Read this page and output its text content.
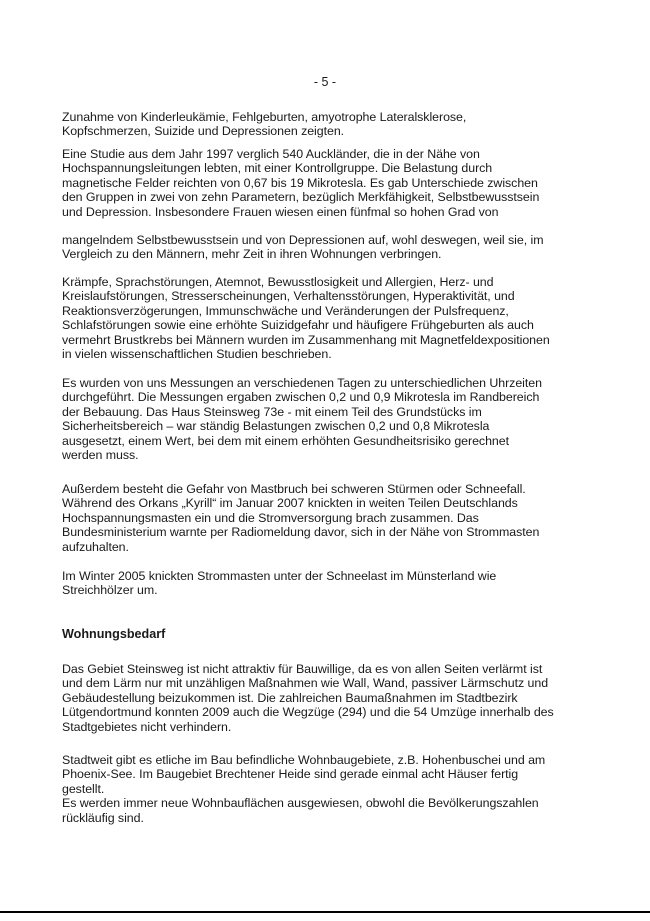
- 5 -

Zunahme von Kinderleukämie, Fehlgeburten, amyotrophe Lateralsklerose,
Kopfschmerzen, Suizide und Depressionen zeigten.

Eine Studie aus dem Jahr 1997 verglich 540 Auckländer, die in der Nähe von
Hochspannungsleitungen lebten, mit einer Kontrollgruppe. Die Belastung durch
magnetische Felder reichten von 0,67 bis 19 Mikrotesla. Es gab Unterschiede zwischen
den Gruppen in zwei von zehn Parametern, bezüglich Merkfähigkeit, Selbstbewusstsein
und Depression. Insbesondere Frauen wiesen einen fünfmal so hohen Grad von

mangelndem Selbstbewusstsein und von Depressionen auf, wohl deswegen, weil sie, im
Vergleich zu den Männern, mehr Zeit in ihren Wohnungen verbringen.

Krämpfe, Sprachstörungen, Atemnot, Bewusstlosigkeit und Allergien, Herz- und
Kreislaufstörungen, Stresserscheinungen, Verhaltensstörungen, Hyperaktivität, und
Reaktionsverzögerungen, Immunschwäche und Veränderungen der Pulsfrequenz,
Schlafstörungen sowie eine erhöhte Suizidgefahr und häufigere Frühgeburten als auch
vermehrt Brustkrebs bei Männern wurden im Zusammenhang mit Magnetfeldexpositionen
in vielen wissenschaftlichen Studien beschrieben.

Es wurden von uns Messungen an verschiedenen Tagen zu unterschiedlichen Uhrzeiten
durchgeführt. Die Messungen ergaben zwischen 0,2 und 0,9 Mikrotesla im Randbereich
der Bebauung. Das Haus Steinsweg 73e - mit einem Teil des Grundstücks im
Sicherheitsbereich – war ständig Belastungen zwischen 0,2 und 0,8 Mikrotesla
ausgesetzt, einem Wert, bei dem mit einem erhöhten Gesundheitsrisiko gerechnet
werden muss.

Außerdem besteht die Gefahr von Mastbruch bei schweren Stürmen oder Schneefall.
Während des Orkans „Kyrill“ im Januar 2007 knickten in weiten Teilen Deutschlands
Hochspannungsmasten ein und die Stromversorgung brach zusammen. Das
Bundesministerium warnte per Radiomeldung davor, sich in der Nähe von Strommasten
aufzuhalten.

Im Winter 2005 knickten Strommasten unter der Schneelast im Münsterland wie
Streichhölzer um.

Wohnungsbedarf

Das Gebiet Steinsweg ist nicht attraktiv für Bauwillige, da es von allen Seiten verlärmt ist
und dem Lärm nur mit unzähligen Maßnahmen wie Wall, Wand, passiver Lärmschutz und
Gebäudestellung beizukommen ist. Die zahlreichen Baumaßnahmen im Stadtbezirk
Lütgendortmund konnten 2009 auch die Wegzüge (294) und die 54 Umzüge innerhalb des
Stadtgebietes nicht verhindern.

Stadtweit gibt es etliche im Bau befindliche Wohnbaugebiete, z.B. Hohenbuschei und am
Phoenix-See. Im Baugebiet Brechtener Heide sind gerade einmal acht Häuser fertig
gestellt.
Es werden immer neue Wohnbauflächen ausgewiesen, obwohl die Bevölkerungszahlen
rückläufig sind.
